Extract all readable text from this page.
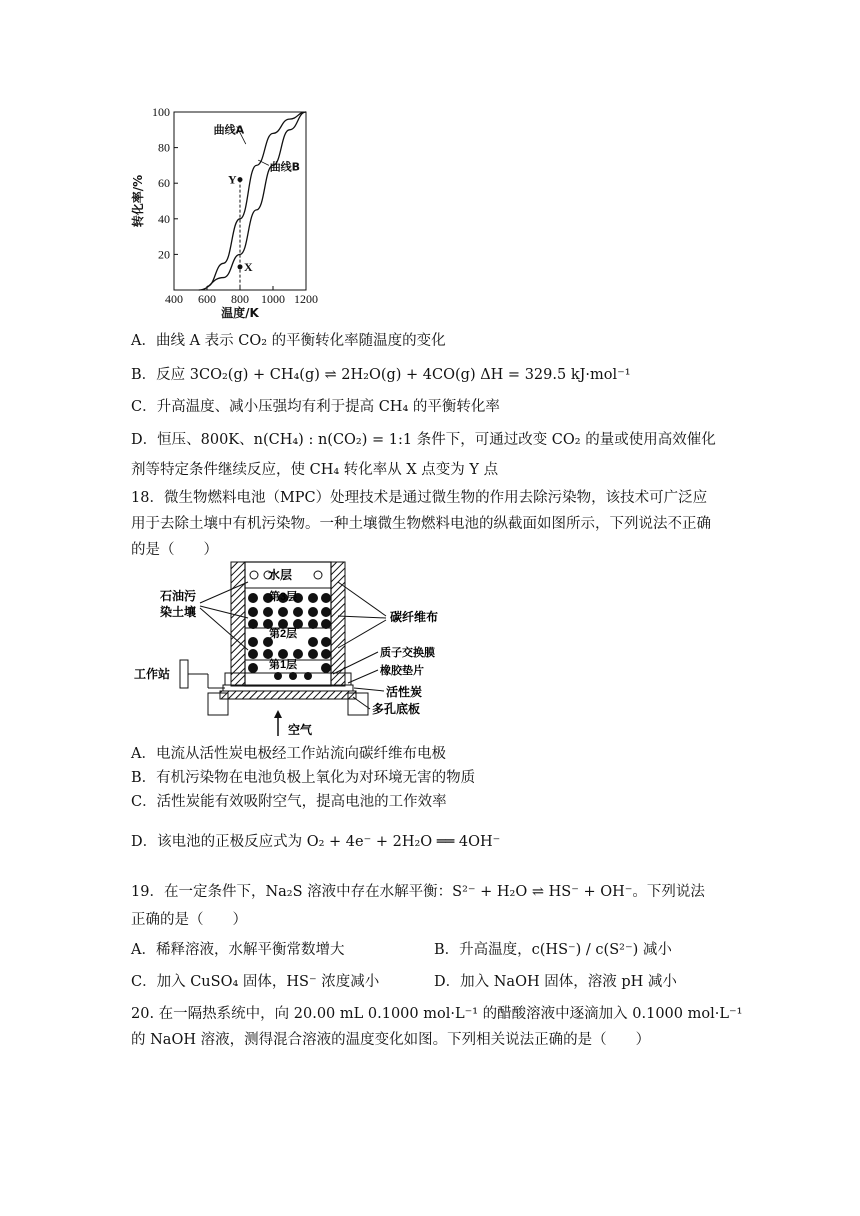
400 600 800 1000 1200
20
40
60
80
100
温度/K
转化率/%
曲线A
曲线B
Y
X
A．曲线 A 表示 CO₂ 的平衡转化率随温度的变化
B．反应 3CO₂(g) + CH₄(g) ⇌ 2H₂O(g) + 4CO(g) ΔH = 329.5 kJ·mol⁻¹
C．升高温度、减小压强均有利于提高 CH₄ 的平衡转化率
D．恒压、800K、n(CH₄) : n(CO₂) = 1:1 条件下，可通过改变 CO₂ 的量或使用高效催化
剂等特定条件继续反应，使 CH₄ 转化率从 X 点变为 Y 点
18．微生物燃料电池（MPC）处理技术是通过微生物的作用去除污染物，该技术可广泛应
用于去除土壤中有机污染物。一种土壤微生物燃料电池的纵截面如图所示，下列说法不正确
的是（　　）
水层
第3层
第2层
第1层
石油污
染土壤
工作站
碳纤维布
质子交换膜
橡胶垫片
活性炭
多孔底板
空气
A．电流从活性炭电极经工作站流向碳纤维布电极
B．有机污染物在电池负极上氧化为对环境无害的物质
C．活性炭能有效吸附空气，提高电池的工作效率
D．该电池的正极反应式为 O₂ + 4e⁻ + 2H₂O ══ 4OH⁻
19．在一定条件下，Na₂S 溶液中存在水解平衡：S²⁻ + H₂O ⇌ HS⁻ + OH⁻。下列说法
正确的是（　　）
A．稀释溶液，水解平衡常数增大	B．升高温度，c(HS⁻) / c(S²⁻) 减小
C．加入 CuSO₄ 固体，HS⁻ 浓度减小	D．加入 NaOH 固体，溶液 pH 减小
20. 在一隔热系统中，向 20.00 mL 0.1000 mol·L⁻¹ 的醋酸溶液中逐滴加入 0.1000 mol·L⁻¹
的 NaOH 溶液，测得混合溶液的温度变化如图。下列相关说法正确的是（　　）
